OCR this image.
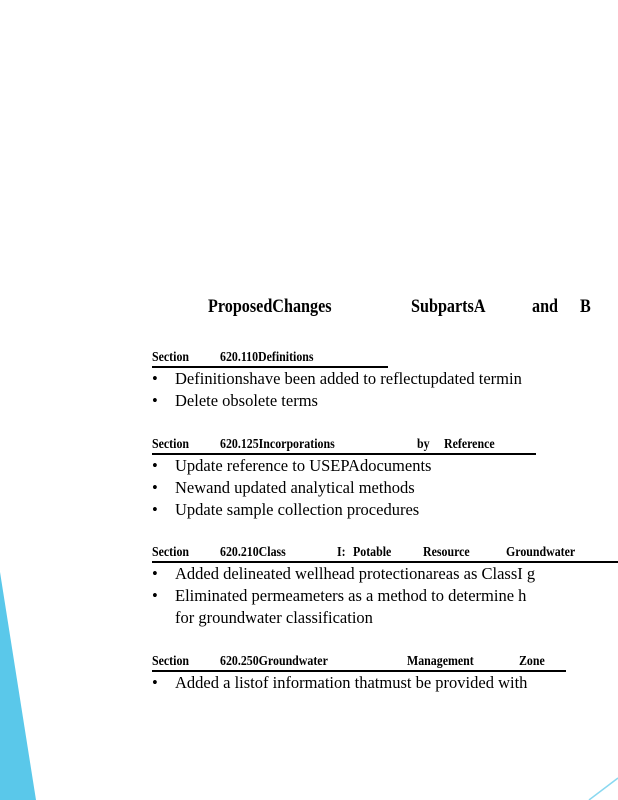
ProposedChanges	SubpartsA and B
Section 620.110Definitions
• Definitionshave been added to reflectupdated termin
• Delete obsolete terms
Section 620.125Incorporations	by Reference
• Update reference to USEPAdocuments
• Newand updated analytical methods
• Update sample collection procedures
Section 620.210Class	I: Potable Resource	Groundwater
• Added delineated wellhead protectionareas as ClassI g
• Eliminated permeameters as a method to determine h
for groundwater classification
Section 620.250Groundwater	Management	Zone
• Added a listof information thatmust be provided with
